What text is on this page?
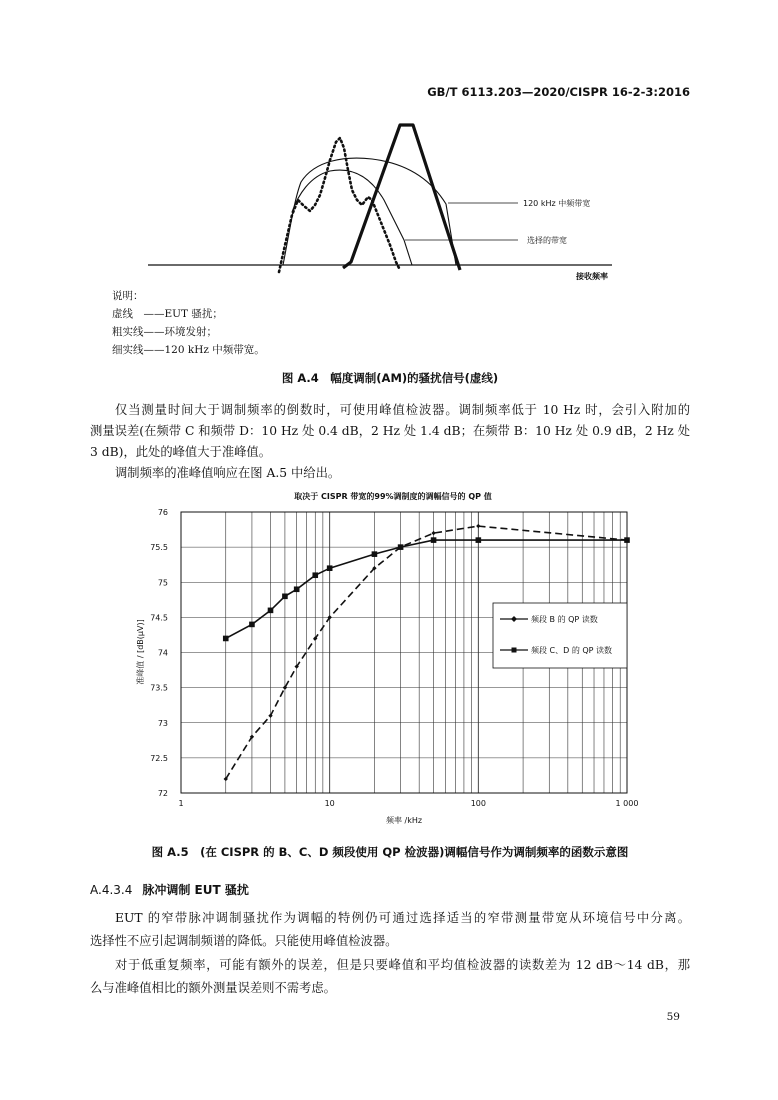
GB/T 6113.203—2020/CISPR 16-2-3:2016
120 kHz 中频带宽
选择的带宽
接收频率
说明：
虚线　——EUT 骚扰；
粗实线——环境发射；
细实线——120 kHz 中频带宽。
图 A.4　幅度调制(AM)的骚扰信号(虚线)
仅当测量时间大于调制频率的倒数时，可使用峰值检波器。调制频率低于 10 Hz 时，会引入附加的
测量误差(在频带 C 和频带 D：10 Hz 处 0.4 dB，2 Hz 处 1.4 dB；在频带 B：10 Hz 处 0.9 dB，2 Hz 处
3 dB)，此处的峰值大于准峰值。
调制频率的准峰值响应在图 A.5 中给出。
取决于 CISPR 带宽的99%调制度的调幅信号的 QP 值
76
75.5
75
74.5
74
73.5
73
72.5
72
1	10	100	1 000
频率 /kHz
准峰值 / [dB(μV)]	频段 B 的 QP 读数
频段 C、D 的 QP 读数
图 A.5　(在 CISPR 的 B、C、D 频段使用 QP 检波器)调幅信号作为调制频率的函数示意图
A.4.3.4 脉冲调制 EUT 骚扰
EUT 的窄带脉冲调制骚扰作为调幅的特例仍可通过选择适当的窄带测量带宽从环境信号中分离。
选择性不应引起调制频谱的降低。只能使用峰值检波器。
对于低重复频率，可能有额外的误差，但是只要峰值和平均值检波器的读数差为 12 dB～14 dB，那
么与准峰值相比的额外测量误差则不需考虑。
59
